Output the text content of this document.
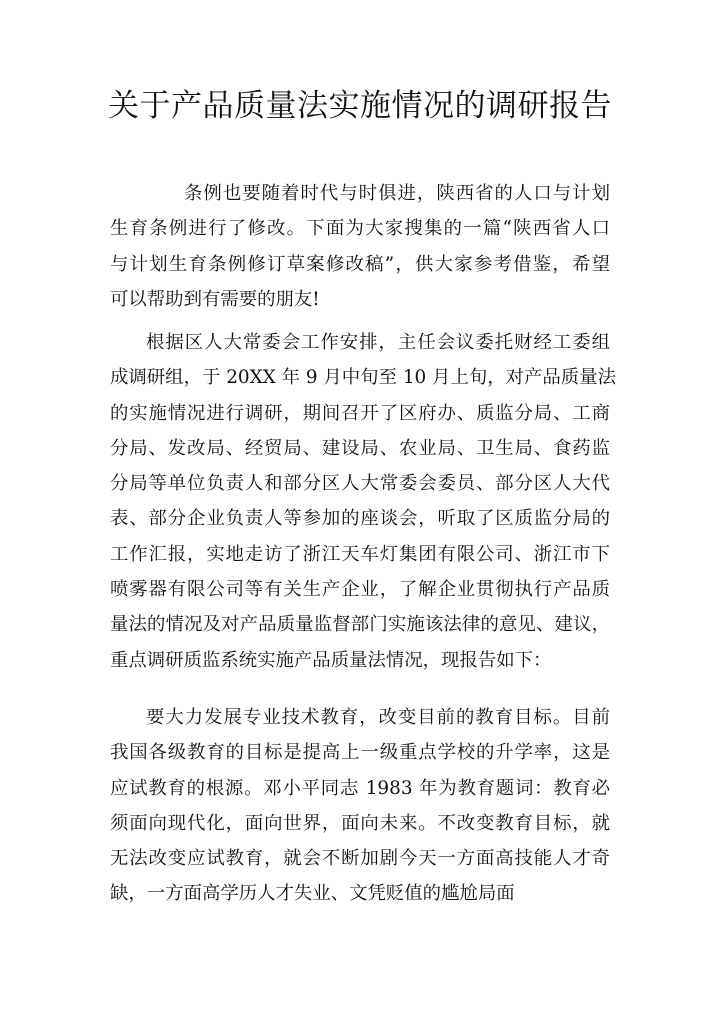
关于产品质量法实施情况的调研报告
条例也要随着时代与时俱进，陕西省的人口与计划
生育条例进行了修改。下面为大家搜集的一篇“陕西省人口
与计划生育条例修订草案修改稿”，供大家参考借鉴，希望
可以帮助到有需要的朋友!
根据区人大常委会工作安排，主任会议委托财经工委组
成调研组，于 20XX 年 9 月中旬至 10 月上旬，对产品质量法
的实施情况进行调研，期间召开了区府办、质监分局、工商
分局、发改局、经贸局、建设局、农业局、卫生局、食药监
分局等单位负责人和部分区人大常委会委员、部分区人大代
表、部分企业负责人等参加的座谈会，听取了区质监分局的
工作汇报，实地走访了浙江天车灯集团有限公司、浙江市下
喷雾器有限公司等有关生产企业，了解企业贯彻执行产品质
量法的情况及对产品质量监督部门实施该法律的意见、建议，
重点调研质监系统实施产品质量法情况，现报告如下：
要大力发展专业技术教育，改变目前的教育目标。目前
我国各级教育的目标是提高上一级重点学校的升学率，这是
应试教育的根源。邓小平同志 1983 年为教育题词：教育必
须面向现代化，面向世界，面向未来。不改变教育目标，就
无法改变应试教育，就会不断加剧今天一方面高技能人才奇
缺，一方面高学历人才失业、文凭贬值的尴尬局面
